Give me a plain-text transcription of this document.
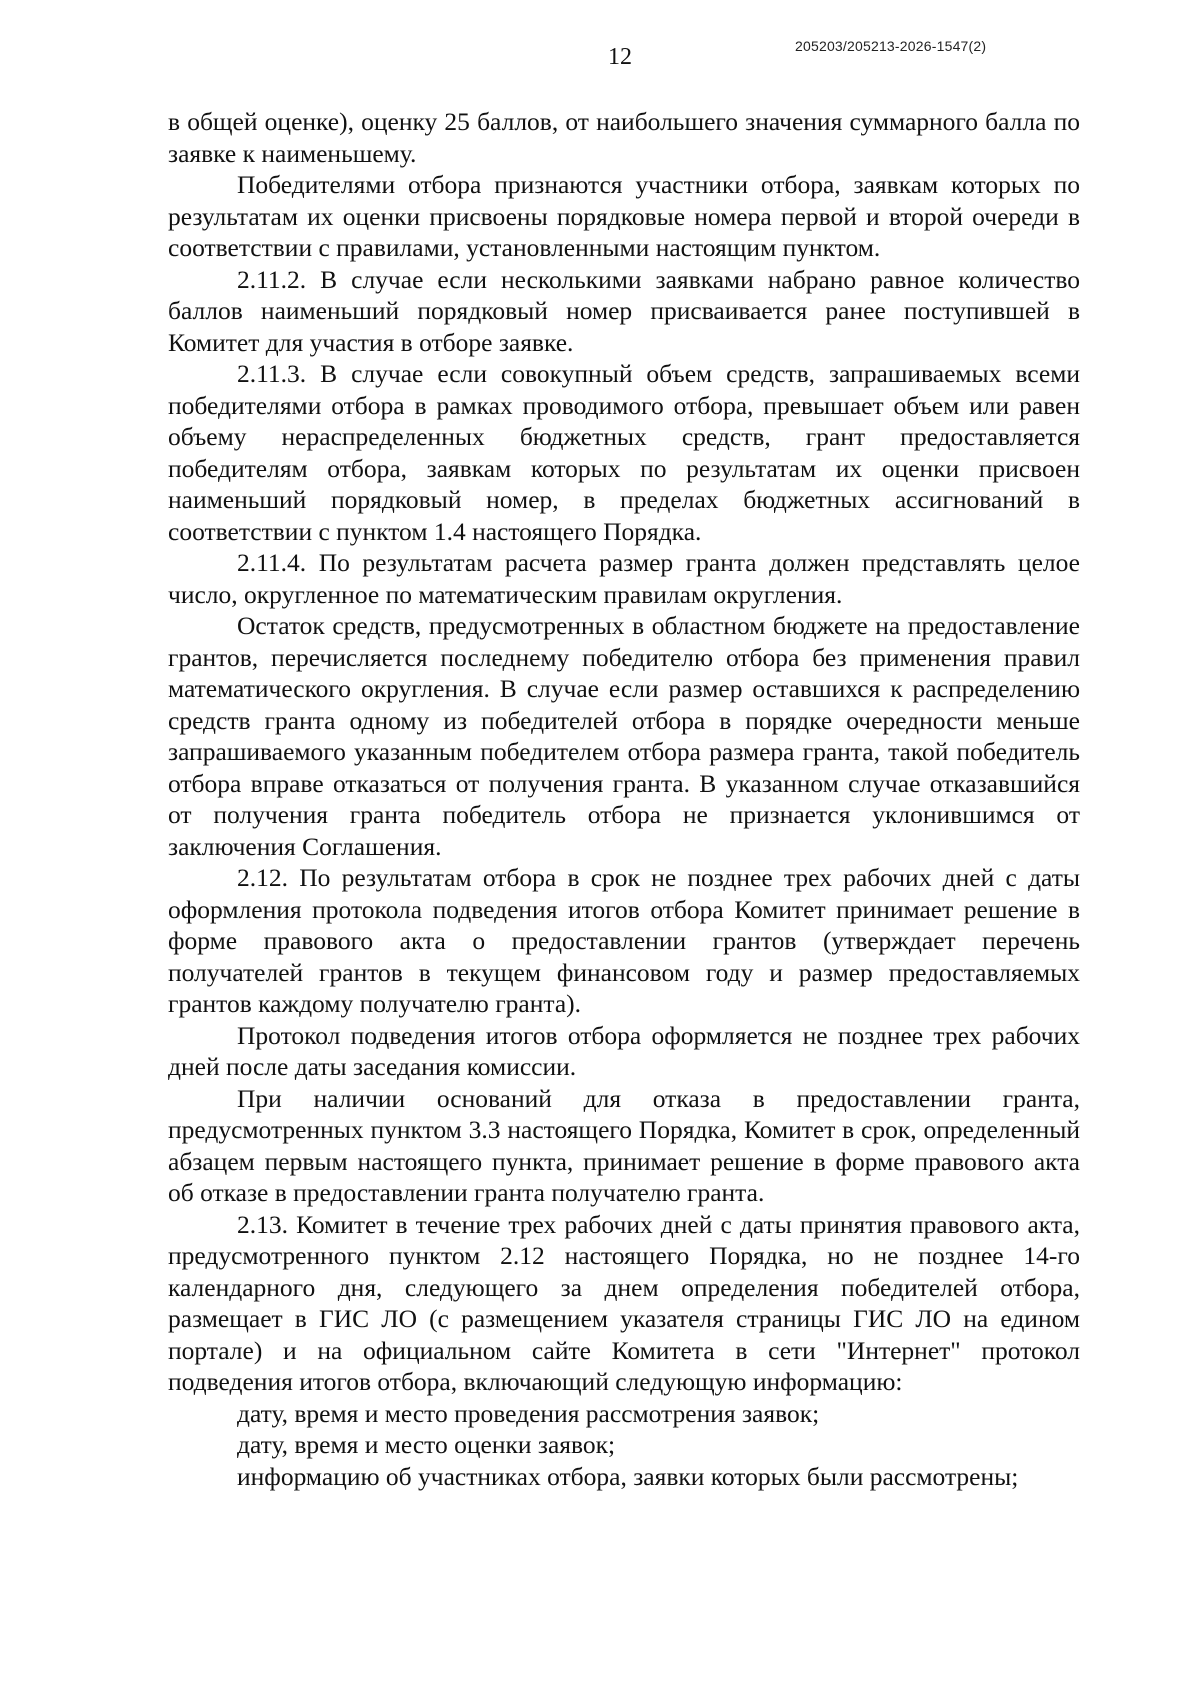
205203/205213-2026-1547(2)
12

в общей оценке), оценку 25 баллов, от наибольшего значения суммарного балла по заявке к наименьшему.

Победителями отбора признаются участники отбора, заявкам которых по результатам их оценки присвоены порядковые номера первой и второй очереди в соответствии с правилами, установленными настоящим пунктом.

2.11.2. В случае если несколькими заявками набрано равное количество баллов наименьший порядковый номер присваивается ранее поступившей в Комитет для участия в отборе заявке.

2.11.3. В случае если совокупный объем средств, запрашиваемых всеми победителями отбора в рамках проводимого отбора, превышает объем или равен объему нераспределенных бюджетных средств, грант предоставляется победителям отбора, заявкам которых по результатам их оценки присвоен наименьший порядковый номер, в пределах бюджетных ассигнований в соответствии с пунктом 1.4 настоящего Порядка.

2.11.4. По результатам расчета размер гранта должен представлять целое число, округленное по математическим правилам округления.

Остаток средств, предусмотренных в областном бюджете на предоставление грантов, перечисляется последнему победителю отбора без применения правил математического округления. В случае если размер оставшихся к распределению средств гранта одному из победителей отбора в порядке очередности меньше запрашиваемого указанным победителем отбора размера гранта, такой победитель отбора вправе отказаться от получения гранта. В указанном случае отказавшийся от получения гранта победитель отбора не признается уклонившимся от заключения Соглашения.

2.12. По результатам отбора в срок не позднее трех рабочих дней с даты оформления протокола подведения итогов отбора Комитет принимает решение в форме правового акта о предоставлении грантов (утверждает перечень получателей грантов в текущем финансовом году и размер предоставляемых грантов каждому получателю гранта).

Протокол подведения итогов отбора оформляется не позднее трех рабочих дней после даты заседания комиссии.

При наличии оснований для отказа в предоставлении гранта, предусмотренных пунктом 3.3 настоящего Порядка, Комитет в срок, определенный абзацем первым настоящего пункта, принимает решение в форме правового акта об отказе в предоставлении гранта получателю гранта.

2.13. Комитет в течение трех рабочих дней с даты принятия правового акта, предусмотренного пунктом 2.12 настоящего Порядка, но не позднее 14-го календарного дня, следующего за днем определения победителей отбора, размещает в ГИС ЛО (с размещением указателя страницы ГИС ЛО на едином портале) и на официальном сайте Комитета в сети "Интернет" протокол подведения итогов отбора, включающий следующую информацию:

дату, время и место проведения рассмотрения заявок;

дату, время и место оценки заявок;

информацию об участниках отбора, заявки которых были рассмотрены;
